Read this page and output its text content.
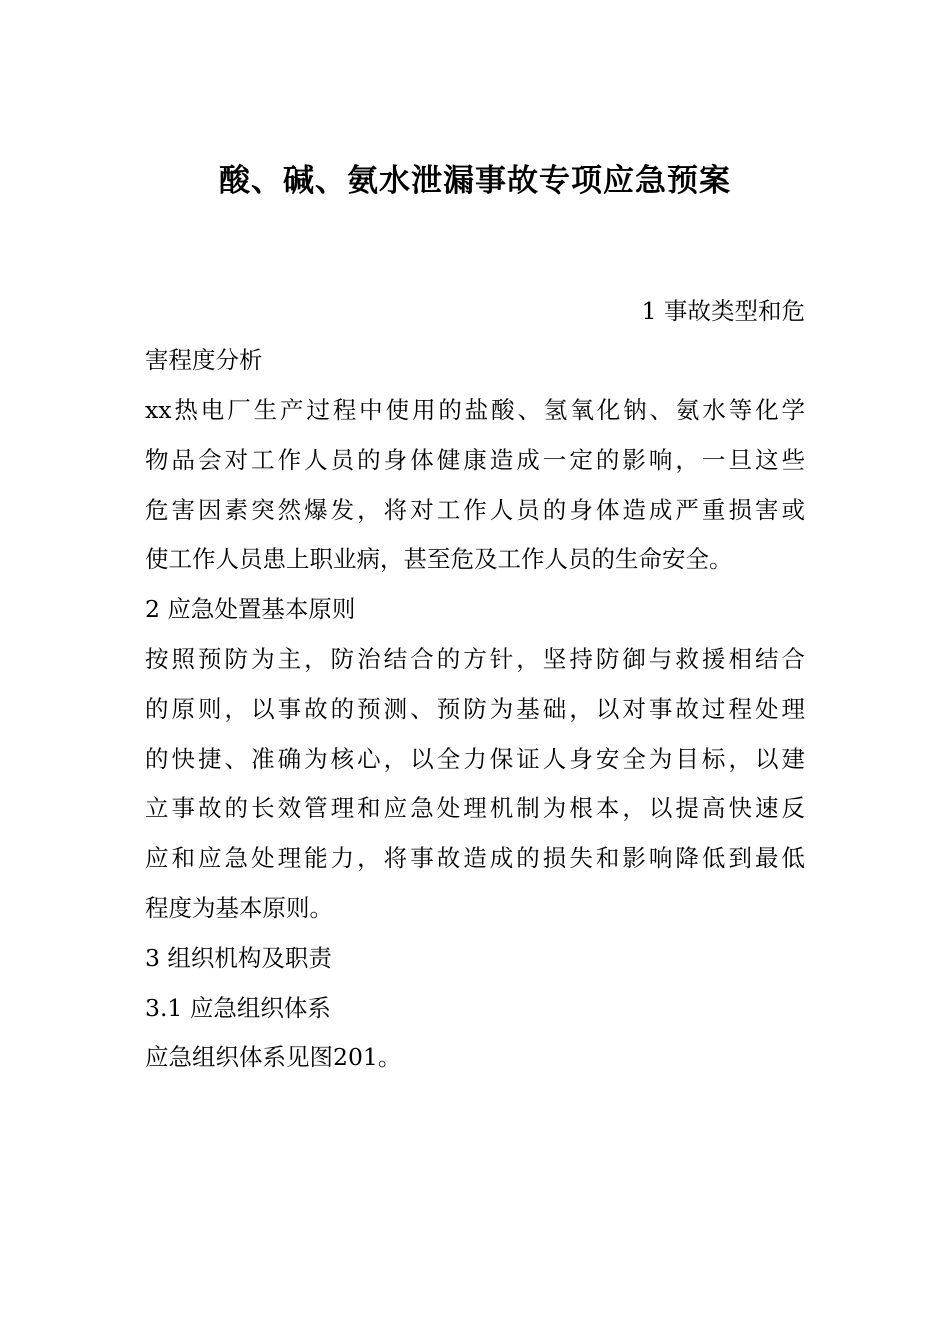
酸、碱、氨水泄漏事故专项应急预案

1 事故类型和危

害程度分析

xx热电厂生产过程中使用的盐酸、氢氧化钠、氨水等化学

物品会对工作人员的身体健康造成一定的影响，一旦这些

危害因素突然爆发，将对工作人员的身体造成严重损害或

使工作人员患上职业病，甚至危及工作人员的生命安全。

2 应急处置基本原则

按照预防为主，防治结合的方针，坚持防御与救援相结合

的原则，以事故的预测、预防为基础，以对事故过程处理

的快捷、准确为核心，以全力保证人身安全为目标，以建

立事故的长效管理和应急处理机制为根本，以提高快速反

应和应急处理能力，将事故造成的损失和影响降低到最低

程度为基本原则。

3 组织机构及职责

3.1 应急组织体系

应急组织体系见图201。
